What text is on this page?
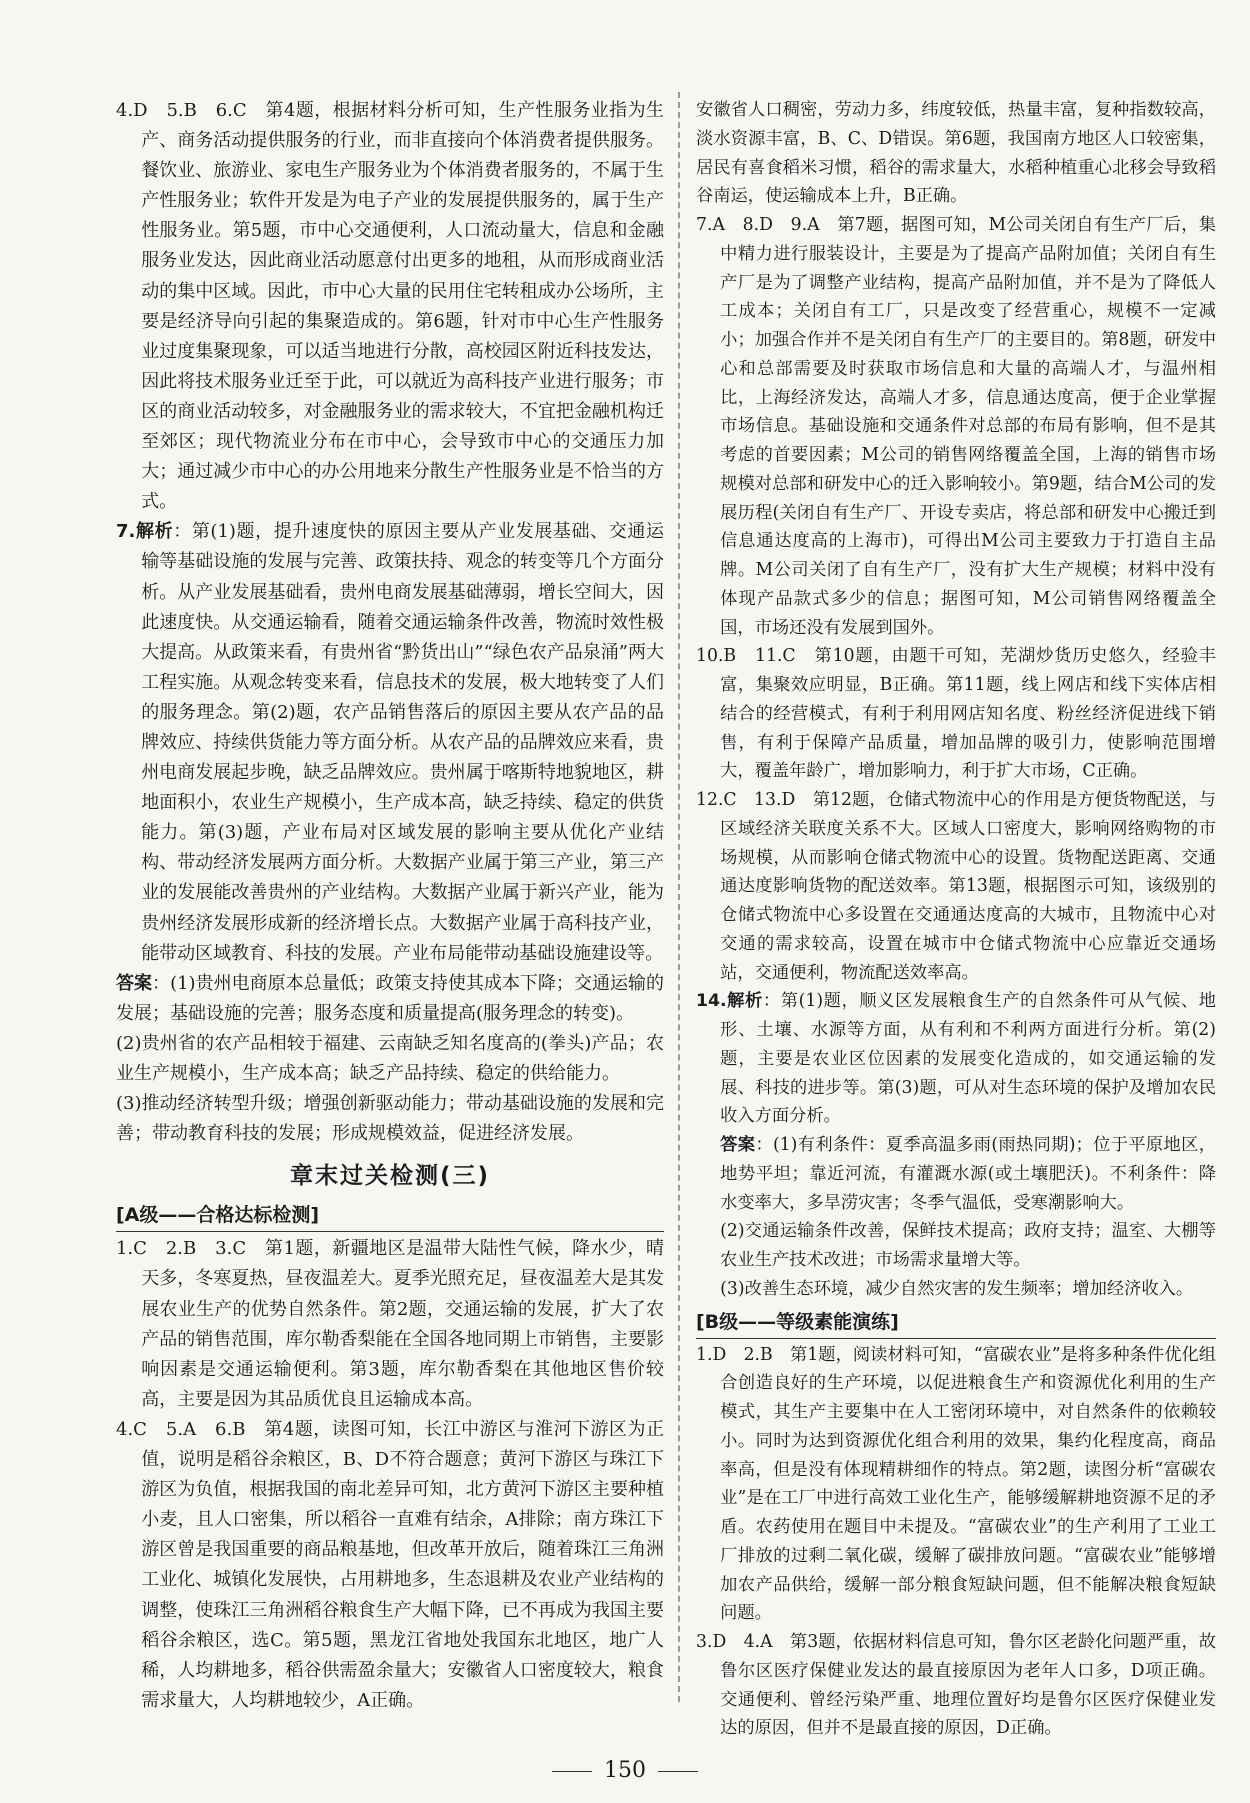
4.D　5.B　6.C　第4题，根据材料分析可知，生产性服务业指为生产、商务活动提供服务的行业，而非直接向个体消费者提供服务。餐饮业、旅游业、家电生产服务业为个体消费者服务的，不属于生产性服务业；软件开发是为电子产业的发展提供服务的，属于生产性服务业。第5题，市中心交通便利，人口流动量大，信息和金融服务业发达，因此商业活动愿意付出更多的地租，从而形成商业活动的集中区域。因此，市中心大量的民用住宅转租成办公场所，主要是经济导向引起的集聚造成的。第6题，针对市中心生产性服务业过度集聚现象，可以适当地进行分散，高校园区附近科技发达，因此将技术服务业迁至于此，可以就近为高科技产业进行服务；市区的商业活动较多，对金融服务业的需求较大，不宜把金融机构迁至郊区；现代物流业分布在市中心，会导致市中心的交通压力加大；通过减少市中心的办公用地来分散生产性服务业是不恰当的方式。

7.解析：第(1)题，提升速度快的原因主要从产业发展基础、交通运输等基础设施的发展与完善、政策扶持、观念的转变等几个方面分析。从产业发展基础看，贵州电商发展基础薄弱，增长空间大，因此速度快。从交通运输看，随着交通运输条件改善，物流时效性极大提高。从政策来看，有贵州省“黔货出山”“绿色农产品泉涌”两大工程实施。从观念转变来看，信息技术的发展，极大地转变了人们的服务理念。第(2)题，农产品销售落后的原因主要从农产品的品牌效应、持续供货能力等方面分析。从农产品的品牌效应来看，贵州电商发展起步晚，缺乏品牌效应。贵州属于喀斯特地貌地区，耕地面积小，农业生产规模小，生产成本高，缺乏持续、稳定的供货能力。第(3)题，产业布局对区域发展的影响主要从优化产业结构、带动经济发展两方面分析。大数据产业属于第三产业，第三产业的发展能改善贵州的产业结构。大数据产业属于新兴产业，能为贵州经济发展形成新的经济增长点。大数据产业属于高科技产业，能带动区域教育、科技的发展。产业布局能带动基础设施建设等。

答案：(1)贵州电商原本总量低；政策支持使其成本下降；交通运输的发展；基础设施的完善；服务态度和质量提高(服务理念的转变)。

(2)贵州省的农产品相较于福建、云南缺乏知名度高的(拳头)产品；农业生产规模小，生产成本高；缺乏产品持续、稳定的供给能力。

(3)推动经济转型升级；增强创新驱动能力；带动基础设施的发展和完善；带动教育科技的发展；形成规模效益，促进经济发展。

章末过关检测(三)
[A级——合格达标检测]

1.C　2.B　3.C　第1题，新疆地区是温带大陆性气候，降水少，晴天多，冬寒夏热，昼夜温差大。夏季光照充足，昼夜温差大是其发展农业生产的优势自然条件。第2题，交通运输的发展，扩大了农产品的销售范围，库尔勒香梨能在全国各地同期上市销售，主要影响因素是交通运输便利。第3题，库尔勒香梨在其他地区售价较高，主要是因为其品质优良且运输成本高。

4.C　5.A　6.B　第4题，读图可知，长江中游区与淮河下游区为正值，说明是稻谷余粮区，B、D不符合题意；黄河下游区与珠江下游区为负值，根据我国的南北差异可知，北方黄河下游区主要种植小麦，且人口密集，所以稻谷一直难有结余，A排除；南方珠江下游区曾是我国重要的商品粮基地，但改革开放后，随着珠江三角洲工业化、城镇化发展快，占用耕地多，生态退耕及农业产业结构的调整，使珠江三角洲稻谷粮食生产大幅下降，已不再成为我国主要稻谷余粮区，选C。第5题，黑龙江省地处我国东北地区，地广人稀，人均耕地多，稻谷供需盈余量大；安徽省人口密度较大，粮食需求量大，人均耕地较少，A正确。

安徽省人口稠密，劳动力多，纬度较低，热量丰富，复种指数较高，淡水资源丰富，B、C、D错误。第6题，我国南方地区人口较密集，居民有喜食稻米习惯，稻谷的需求量大，水稻种植重心北移会导致稻谷南运，使运输成本上升，B正确。

7.A　8.D　9.A　第7题，据图可知，M公司关闭自有生产厂后，集中精力进行服装设计，主要是为了提高产品附加值；关闭自有生产厂是为了调整产业结构，提高产品附加值，并不是为了降低人工成本；关闭自有工厂，只是改变了经营重心，规模不一定减小；加强合作并不是关闭自有生产厂的主要目的。第8题，研发中心和总部需要及时获取市场信息和大量的高端人才，与温州相比，上海经济发达，高端人才多，信息通达度高，便于企业掌握市场信息。基础设施和交通条件对总部的布局有影响，但不是其考虑的首要因素；M公司的销售网络覆盖全国，上海的销售市场规模对总部和研发中心的迁入影响较小。第9题，结合M公司的发展历程(关闭自有生产厂、开设专卖店，将总部和研发中心搬迁到信息通达度高的上海市)，可得出M公司主要致力于打造自主品牌。M公司关闭了自有生产厂，没有扩大生产规模；材料中没有体现产品款式多少的信息；据图可知，M公司销售网络覆盖全国，市场还没有发展到国外。

10.B　11.C　第10题，由题干可知，芜湖炒货历史悠久，经验丰富，集聚效应明显，B正确。第11题，线上网店和线下实体店相结合的经营模式，有利于利用网店知名度、粉丝经济促进线下销售，有利于保障产品质量，增加品牌的吸引力，使影响范围增大，覆盖年龄广，增加影响力，利于扩大市场，C正确。

12.C　13.D　第12题，仓储式物流中心的作用是方便货物配送，与区域经济关联度关系不大。区域人口密度大，影响网络购物的市场规模，从而影响仓储式物流中心的设置。货物配送距离、交通通达度影响货物的配送效率。第13题，根据图示可知，该级别的仓储式物流中心多设置在交通通达度高的大城市，且物流中心对交通的需求较高，设置在城市中仓储式物流中心应靠近交通场站，交通便利，物流配送效率高。

14.解析：第(1)题，顺义区发展粮食生产的自然条件可从气候、地形、土壤、水源等方面，从有利和不利两方面进行分析。第(2)题，主要是农业区位因素的发展变化造成的，如交通运输的发展、科技的进步等。第(3)题，可从对生态环境的保护及增加农民收入方面分析。

答案：(1)有利条件：夏季高温多雨(雨热同期)；位于平原地区，地势平坦；靠近河流，有灌溉水源(或土壤肥沃)。不利条件：降水变率大，多旱涝灾害；冬季气温低，受寒潮影响大。

(2)交通运输条件改善，保鲜技术提高；政府支持；温室、大棚等农业生产技术改进；市场需求量增大等。

(3)改善生态环境，减少自然灾害的发生频率；增加经济收入。

[B级——等级素能演练]

1.D　2.B　第1题，阅读材料可知，“富碳农业”是将多种条件优化组合创造良好的生产环境，以促进粮食生产和资源优化利用的生产模式，其生产主要集中在人工密闭环境中，对自然条件的依赖较小。同时为达到资源优化组合利用的效果，集约化程度高，商品率高，但是没有体现精耕细作的特点。第2题，读图分析“富碳农业”是在工厂中进行高效工业化生产，能够缓解耕地资源不足的矛盾。农药使用在题目中未提及。“富碳农业”的生产利用了工业工厂排放的过剩二氧化碳，缓解了碳排放问题。“富碳农业”能够增加农产品供给，缓解一部分粮食短缺问题，但不能解决粮食短缺问题。

3.D　4.A　第3题，依据材料信息可知，鲁尔区老龄化问题严重，故鲁尔区医疗保健业发达的最直接原因为老年人口多，D项正确。交通便利、曾经污染严重、地理位置好均是鲁尔区医疗保健业发达的原因，但并不是最直接的原因，D正确。

150
